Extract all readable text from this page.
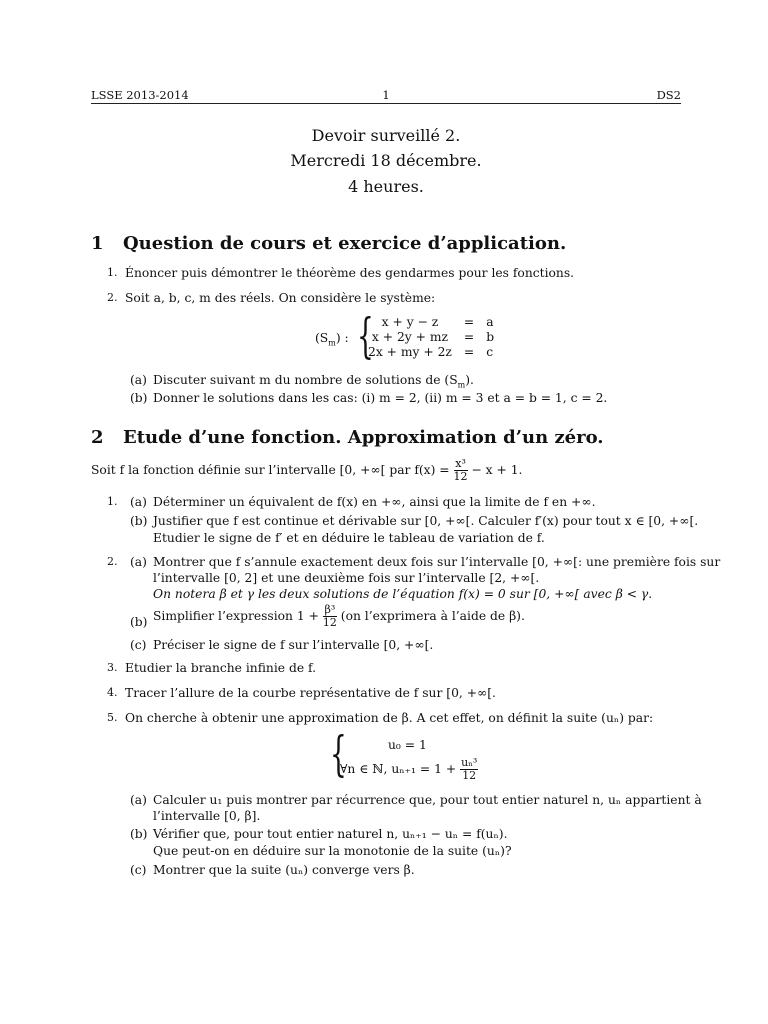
LSSE 2013-2014	1	DS2
Devoir surveillé 2.
Mercredi 18 décembre.
4 heures.
1 Question de cours et exercice d’application.
1. Énoncer puis démontrer le théorème des gendarmes pour les fonctions.
2. Soit a, b, c, m des réels. On considère le système:
$(S_m)$ : { x + y − z	=	a
x + 2y + mz	=	b
2x + my + 2z	=	c
(a) Discuter suivant m du nombre de solutions de $(S_m)$.
(b) Donner le solutions dans les cas: (i) m = 2, (ii) m = 3 et a = b = 1, c = 2.
2 Etude d’une fonction. Approximation d’un zéro.
Soit f la fonction définie sur l’intervalle [0, +∞[ par $f(x) = \frac{\text{x³}}{12} - x + 1$.
1. (a) Déterminer un équivalent de f(x) en +∞, ainsi que la limite de f en +∞.
(b) Justifier que f est continue et dérivable sur [0, +∞[. Calculer f′(x) pour tout x ∈ [0, +∞[.
Etudier le signe de f′ et en déduire le tableau de variation de f.
2. (a) Montrer que f s’annule exactement deux fois sur l’intervalle [0, +∞[: une première fois sur
l’intervalle [0, 2] et une deuxième fois sur l’intervalle [2, +∞[.
On notera β et γ les deux solutions de l’équation f(x) = 0 sur [0, +∞[ avec β < γ.
(b) Simplifier l’expression $1 + \frac{\text{β³}}{12} (on$ l’exprimera à l’aide de β).
(c) Préciser le signe de f sur l’intervalle [0, +∞[.
3. Etudier la branche infinie de f.
4. Tracer l’allure de la courbe représentative de f sur [0, +∞[.
5. On cherche à obtenir une approximation de β. A cet effet, on définit la suite (uₙ) par:
{	u₀ = 1
∀n ∈ ℕ, $u_{n+1} = 1 + \frac{\text{uₙ³}}{12}$
(a) Calculer u₁ puis montrer par récurrence que, pour tout entier naturel n, uₙ appartient à
l’intervalle [0, β].
(b) Vérifier que, pour tout entier naturel n, uₙ₊₁ − uₙ = f(uₙ).
Que peut-on en déduire sur la monotonie de la suite (uₙ)?
(c) Montrer que la suite (uₙ) converge vers β.
